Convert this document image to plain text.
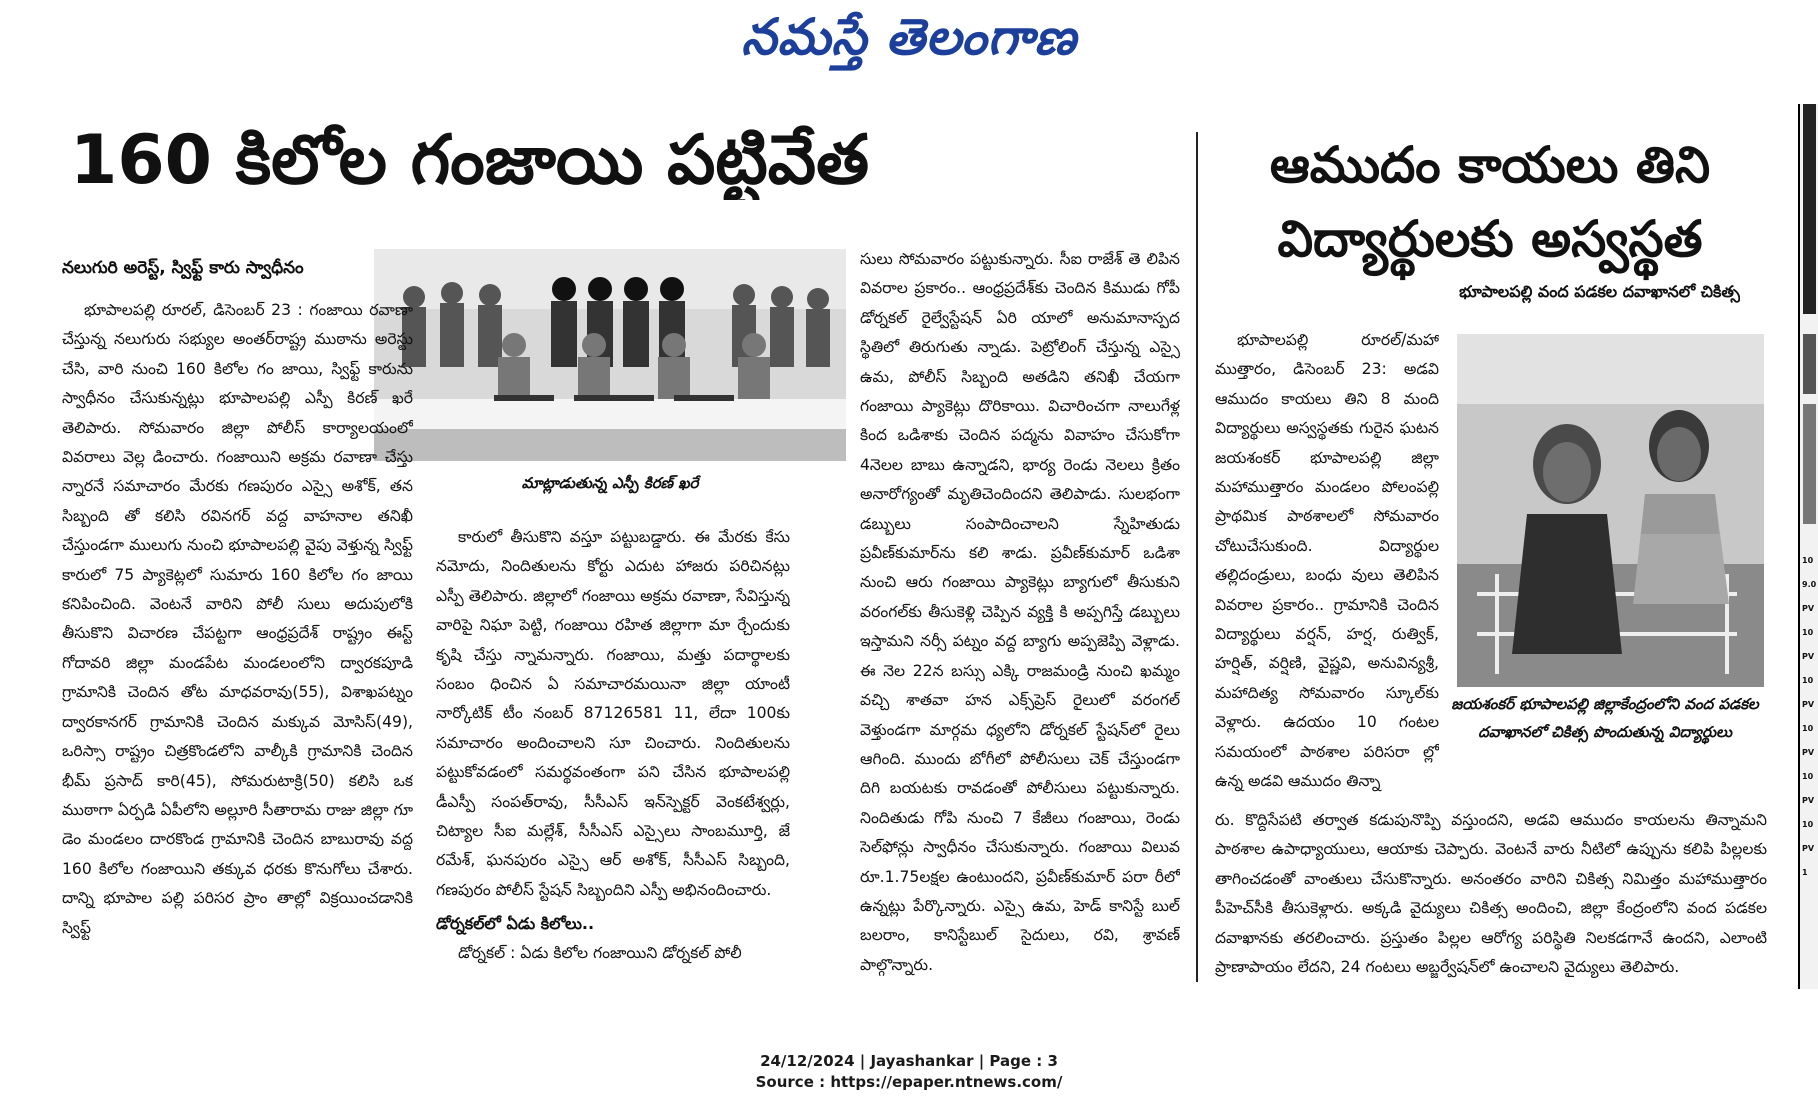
నమస్తే తెలంగాణ
160 కిలోల గంజాయి పట్టివేత
నలుగురి అరెస్ట్‌, స్విఫ్ట్‌ కారు స్వాధీనం
మాట్లాడుతున్న ఎస్పీ కిరణ్‌ ఖరే

భూపాలపల్లి రూరల్‌, డిసెంబర్‌ 23 : గంజాయి రవాణా చేస్తున్న నలుగురు సభ్యుల అంతర్‌రాష్ట్ర ముఠాను అరెస్టు చేసి, వారి నుంచి 160 కిలోల గం జాయి, స్విఫ్ట్‌ కారును స్వాధీనం చేసుకున్నట్లు భూపాలపల్లి ఎస్పీ కిరణ్‌ ఖరే తెలిపారు. సోమవారం జిల్లా పోలీస్‌ కార్యాలయంలో వివరాలు వెల్ల డించారు. గంజాయిని అక్రమ రవాణా చేస్తు న్నారనే సమాచారం మేరకు గణపురం ఎస్సై అశోక్‌, తన సిబ్బంది తో కలిసి రవినగర్‌ వద్ద వాహనాల తనిఖీ చేస్తుండగా ములుగు నుంచి భూపాలపల్లి వైపు వెళ్తున్న స్విఫ్ట్‌ కారులో 75 ప్యాకెట్లలో సుమారు 160 కిలోల గం జాయి కనిపించింది. వెంటనే వారిని పోలీ సులు అదుపులోకి తీసుకొని విచారణ చేపట్టగా ఆంధ్రప్రదేశ్‌ రాష్ట్రం ఈస్ట్‌ గోదావరి జిల్లా మండపేట మండలంలోని ద్వారకపూడి గ్రామానికి చెందిన తోట మాధవరావు(55), విశాఖపట్నం ద్వారకానగర్‌ గ్రామానికి చెందిన మక్కువ మోసిస్‌(49), ఒరిస్సా రాష్ట్రం చిత్రకొండలోని వాల్కీకి గ్రామానికి చెందిన భీమ్‌ ప్రసాద్‌ కారి(45), సోమరుటాక్రి(50) కలిసి ఒక ముఠాగా ఏర్పడి ఏపీలోని అల్లూరి సీతారామ రాజు జిల్లా గూ డెం మండలం దారకొండ గ్రామానికి చెందిన బాబురావు వద్ద 160 కిలోల గంజాయిని తక్కువ ధరకు కొనుగోలు చేశారు. దాన్ని భూపాల పల్లి పరిసర ప్రాం తాల్లో విక్రయించడానికి స్విఫ్ట్‌

కారులో తీసుకొని వస్తూ పట్టుబడ్డారు. ఈ మేరకు కేసు నమోదు, నిందితులను కోర్టు ఎదుట హాజరు పరిచినట్లు ఎస్పీ తెలిపారు. జిల్లాలో గంజాయి అక్రమ రవాణా, సేవిస్తున్న వారిపై నిఘా పెట్టి, గంజాయి రహిత జిల్లాగా మా ర్చేందుకు కృషి చేస్తు న్నామన్నారు. గంజాయి, మత్తు పదార్థాలకు సంబం ధించిన ఏ సమాచారమయినా జిల్లా యాంటీ నార్కోటిక్‌ టీం నంబర్‌ 87126581 11, లేదా 100కు సమాచారం అందించాలని సూ చించారు. నిందితులను పట్టుకోవడంలో సమర్థవంతంగా పని చేసిన భూపాలపల్లి డీఎస్పీ సంపత్‌రావు, సీసీఎస్‌ ఇన్‌స్పెక్టర్‌ వెంకటేశ్వర్లు, చిట్యాల సీఐ మల్లేశ్‌, సీసీఎస్‌ ఎస్సైలు సాంబమూర్తి, జే రమేశ్‌, ఘనపురం ఎస్సై ఆర్‌ అశోక్‌, సీసీఎస్‌ సిబ్బంది, గణపురం పోలీస్‌ స్టేషన్‌ సిబ్బందిని ఎస్పీ అభినందించారు.

డోర్నకల్‌లో ఏడు కిలోలు..

డోర్నకల్‌ : ఏడు కిలోల గంజాయిని డోర్నకల్‌ పోలీ

సులు సోమవారం పట్టుకున్నారు. సీఐ రాజేశ్‌ తె లిపిన వివరాల ప్రకారం.. ఆంధ్రప్రదేశ్‌కు చెందిన కిముడు గోపీ డోర్నకల్‌ రైల్వేస్టేషన్‌ ఏరి యాలో అనుమానాస్పద స్థితిలో తిరుగుతు న్నాడు. పెట్రోలింగ్‌ చేస్తున్న ఎస్సై ఉమ, పోలీస్‌ సిబ్బంది అతడిని తనిఖీ చేయగా గంజాయి ప్యాకెట్లు దొరికాయి. విచారించగా నాలుగేళ్ల కింద ఒడిశాకు చెందిన పద్మను వివాహం చేసుకోగా 4నెలల బాబు ఉన్నాడని, భార్య రెండు నెలలు క్రితం అనారోగ్యంతో మృతిచెందిందని తెలిపాడు. సులభంగా డబ్బులు సంపాదించాలని స్నేహితుడు ప్రవీణ్‌కుమార్‌ను కలి శాడు. ప్రవీణ్‌కుమార్‌ ఒడిశా నుంచి ఆరు గంజాయి ప్యాకెట్లు బ్యాగులో తీసుకుని వరంగల్‌కు తీసుకెళ్లి చెప్పిన వ్యక్తి కి అప్పగిస్తే డబ్బులు ఇస్తామని నర్సీ పట్నం వద్ద బ్యాగు అప్పజెప్పి వెళ్లాడు. ఈ నెల 22న బస్సు ఎక్కి రాజమండ్రి నుంచి ఖమ్మం వచ్చి శాతవా హన ఎక్స్‌ప్రెస్‌ రైలులో వరంగల్‌ వెళ్తుండగా మార్గమ ధ్యలోని డోర్నకల్‌ స్టేషన్‌లో రైలు ఆగింది. ముందు బోగీలో పోలీసులు చెక్‌ చేస్తుండగా దిగి బయటకు రావడంతో పోలీసులు పట్టుకున్నారు. నిందితుడు గోపి నుంచి 7 కేజీలు గంజాయి, రెండు సెల్‌ఫోన్లు స్వాధీనం చేసుకున్నారు. గంజాయి విలువ రూ.1.75లక్షల ఉంటుందని, ప్రవీణ్‌కుమార్‌ పరా రీలో ఉన్నట్లు పేర్కొన్నారు. ఎస్సై ఉమ, హెడ్‌ కానిస్టే బుల్‌ బలరాం, కానిస్టేబుల్‌ సైదులు, రవి, శ్రావణ్‌ పాల్గొన్నారు.

ఆముదం కాయలు తిని
విద్యార్థులకు అస్వస్థత
భూపాలపల్లి వంద పడకల దవాఖానలో చికిత్స

భూపాలపల్లి రూరల్‌/మహా ముత్తారం, డిసెంబర్‌ 23: అడవి ఆముదం కాయలు తిని 8 మంది విద్యార్థులు అస్వస్థతకు గురైన ఘటన జయశంకర్‌ భూపాలపల్లి జిల్లా మహాముత్తారం మండలం పోలంపల్లి ప్రాథమిక పాఠశాలలో సోమవారం చోటుచేసుకుంది. విద్యార్థుల తల్లిదండ్రులు, బంధు వులు తెలిపిన వివరాల ప్రకారం.. గ్రామానికి చెందిన విద్యార్థులు వర్షన్‌, హర్ష, రుత్విక్‌, హర్షిత్‌, వర్షిణి, వైష్ణవి, అనువిన్యశ్రీ, మహాదిత్య సోమవారం స్కూల్‌కు వెళ్లారు. ఉదయం 10 గంటల సమయంలో పాఠశాల పరిసరా ల్లో ఉన్న అడవి ఆముదం తిన్నా

జయశంకర్‌ భూపాలపల్లి జిల్లాకేంద్రంలోని వంద పడకల దవాఖానలో చికిత్స పొందుతున్న విద్యార్థులు

రు. కొద్దిసేపటి తర్వాత కడుపునొప్పి వస్తుందని, అడవి ఆముదం కాయలను తిన్నామని పాఠశాల ఉపాధ్యాయులు, ఆయాకు చెప్పారు. వెంటనే వారు నీటిలో ఉప్పును కలిపి పిల్లలకు తాగించడంతో వాంతులు చేసుకొన్నారు. అనంతరం వారిని చికిత్స నిమిత్తం మహాముత్తారం పీహెచ్‌సీకి తీసుకెళ్లారు. అక్కడి వైద్యులు చికిత్స అందించి, జిల్లా కేంద్రంలోని వంద పడకల దవాఖానకు తరలించారు. ప్రస్తుతం పిల్లల ఆరోగ్య పరిస్థితి నిలకడగానే ఉందని, ఎలాంటి ప్రాణాపాయం లేదని, 24 గంటలు అబ్జర్వేషన్‌లో ఉంచాలని వైద్యులు తెలిపారు.

10
9.0
PV
10
PV
10
PV
10
PV
10
PV
10
PV
1
24/12/2024 | Jayashankar | Page : 3
Source : https://epaper.ntnews.com/
